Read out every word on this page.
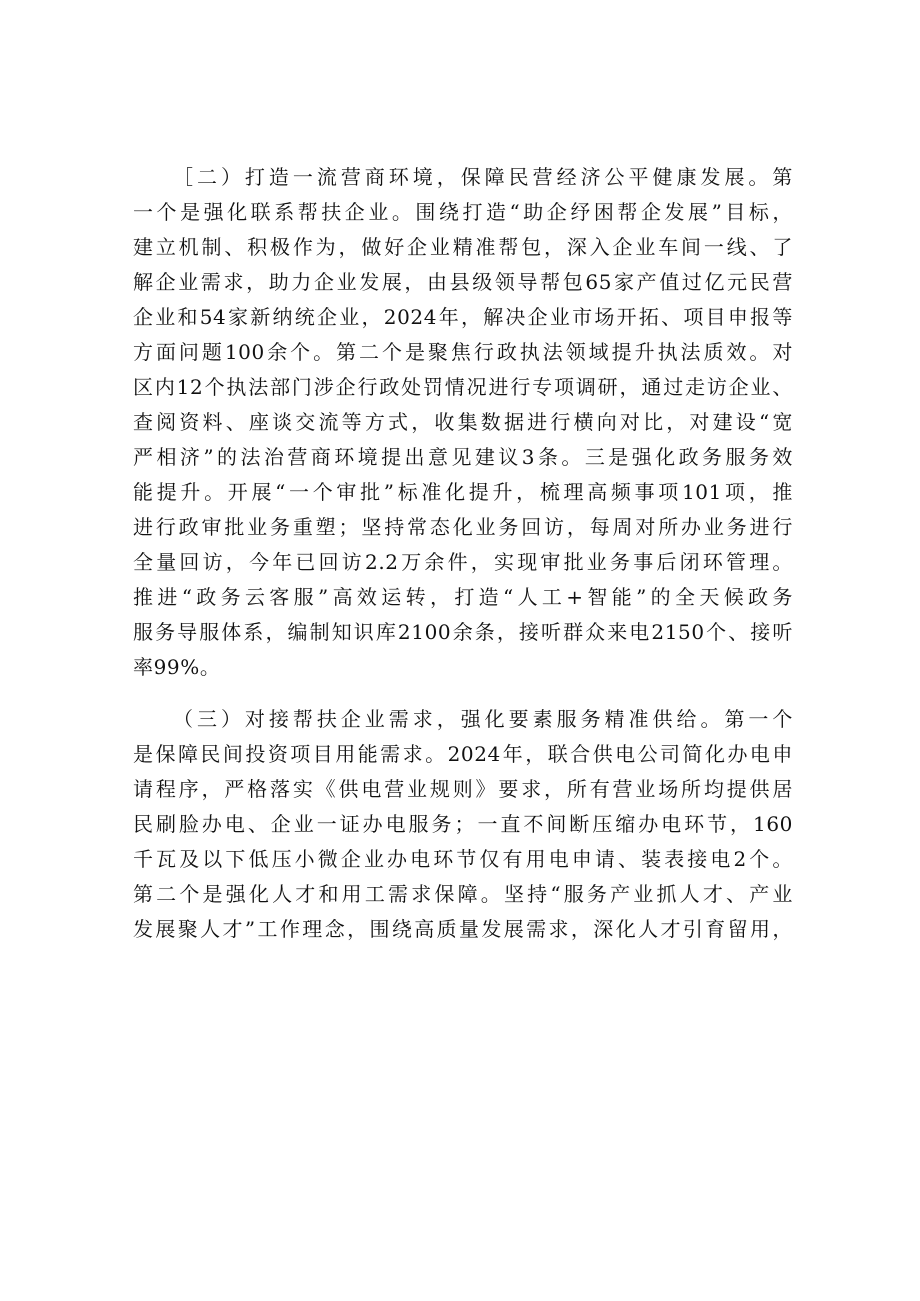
［二）打造一流营商环境，保障民营经济公平健康发展。第
一个是强化联系帮扶企业。围绕打造“助企纾困帮企发展”目标，
建立机制、积极作为，做好企业精准帮包，深入企业车间一线、了
解企业需求，助力企业发展，由县级领导帮包65家产值过亿元民营
企业和54家新纳统企业，2024年，解决企业市场开拓、项目申报等
方面问题100余个。第二个是聚焦行政执法领域提升执法质效。对
区内12个执法部门涉企行政处罚情况进行专项调研，通过走访企业、
查阅资料、座谈交流等方式，收集数据进行横向对比，对建设“宽
严相济”的法治营商环境提出意见建议3条。三是强化政务服务效
能提升。开展“一个审批”标准化提升，梳理高频事项101项，推
进行政审批业务重塑；坚持常态化业务回访，每周对所办业务进行
全量回访，今年已回访2.2万余件，实现审批业务事后闭环管理。
推进“政务云客服”高效运转，打造“人工+智能”的全天候政务
服务导服体系，编制知识库2100余条，接听群众来电2150个、接听
率99%。
（三）对接帮扶企业需求，强化要素服务精准供给。第一个
是保障民间投资项目用能需求。2024年，联合供电公司简化办电申
请程序，严格落实《供电营业规则》要求，所有营业场所均提供居
民刷脸办电、企业一证办电服务；一直不间断压缩办电环节，160
千瓦及以下低压小微企业办电环节仅有用电申请、装表接电2个。
第二个是强化人才和用工需求保障。坚持“服务产业抓人才、产业
发展聚人才”工作理念，围绕高质量发展需求，深化人才引育留用，
